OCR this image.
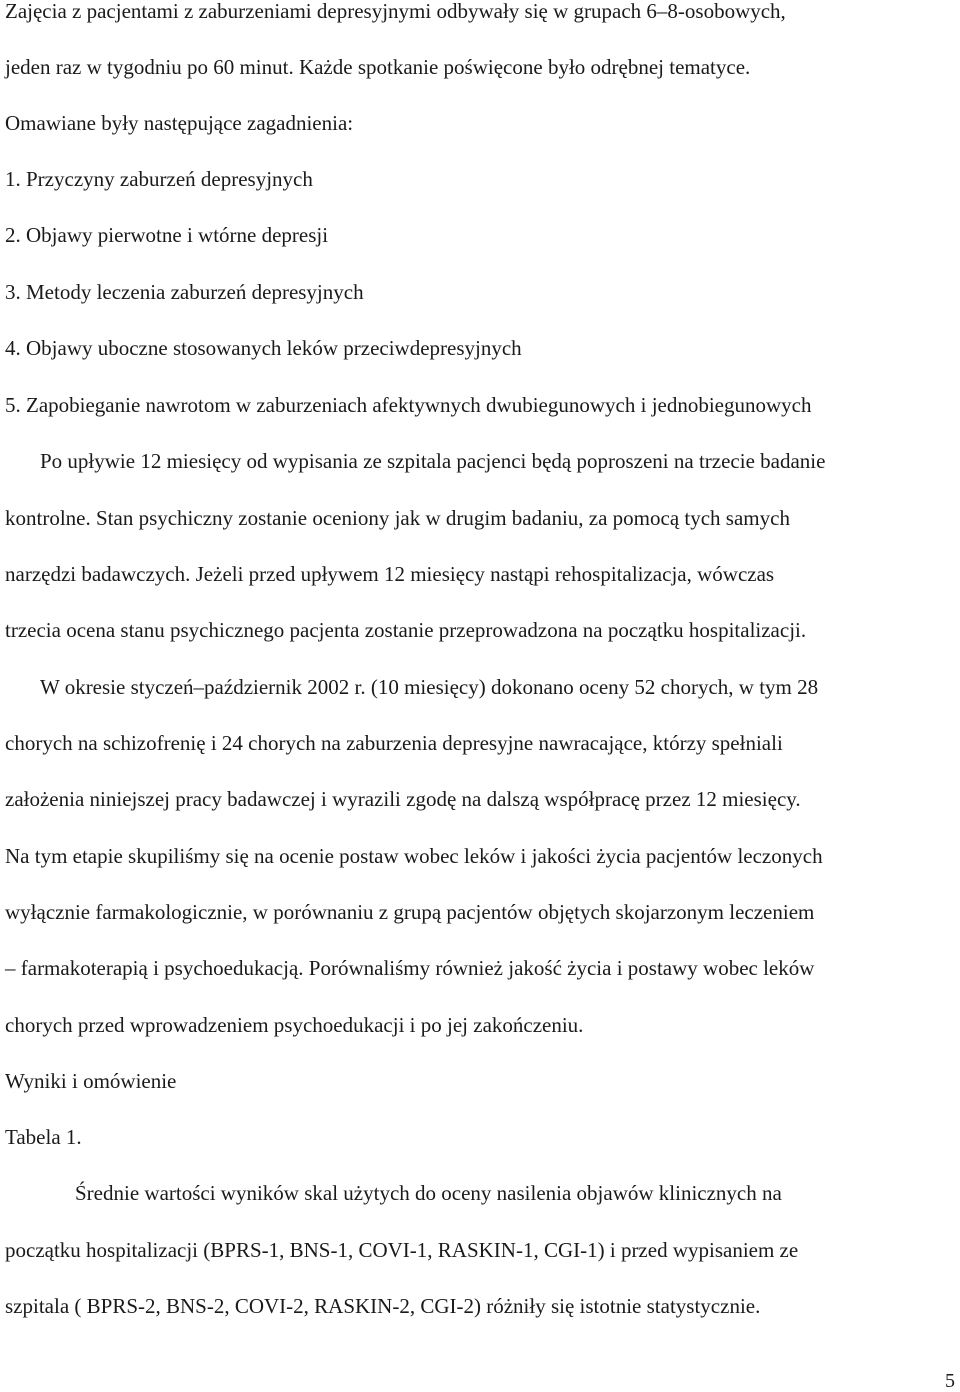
Zajęcia z pacjentami z zaburzeniami depresyjnymi odbywały się w grupach 6–8-osobowych,
jeden raz w tygodniu po 60 minut. Każde spotkanie poświęcone było odrębnej tematyce.
Omawiane były następujące zagadnienia:
1. Przyczyny zaburzeń depresyjnych
2. Objawy pierwotne i wtórne depresji
3. Metody leczenia zaburzeń depresyjnych
4. Objawy uboczne stosowanych leków przeciwdepresyjnych
5. Zapobieganie nawrotom w zaburzeniach afektywnych dwubiegunowych i jednobiegunowych
Po upływie 12 miesięcy od wypisania ze szpitala pacjenci będą poproszeni na trzecie badanie
kontrolne. Stan psychiczny zostanie oceniony jak w drugim badaniu, za pomocą tych samych
narzędzi badawczych. Jeżeli przed upływem 12 miesięcy nastąpi rehospitalizacja, wówczas
trzecia ocena stanu psychicznego pacjenta zostanie przeprowadzona na początku hospitalizacji.
W okresie styczeń–październik 2002 r. (10 miesięcy) dokonano oceny 52 chorych, w tym 28
chorych na schizofrenię i 24 chorych na zaburzenia depresyjne nawracające, którzy spełniali
założenia niniejszej pracy badawczej i wyrazili zgodę na dalszą współpracę przez 12 miesięcy.
Na tym etapie skupiliśmy się na ocenie postaw wobec leków i jakości życia pacjentów leczonych
wyłącznie farmakologicznie, w porównaniu z grupą pacjentów objętych skojarzonym leczeniem
– farmakoterapią i psychoedukacją. Porównaliśmy również jakość życia i postawy wobec leków
chorych przed wprowadzeniem psychoedukacji i po jej zakończeniu.
Wyniki i omówienie
Tabela 1.
Średnie wartości wyników skal użytych do oceny nasilenia objawów klinicznych na
początku hospitalizacji (BPRS-1, BNS-1, COVI-1, RASKIN-1, CGI-1) i przed wypisaniem ze
szpitala ( BPRS-2, BNS-2, COVI-2, RASKIN-2, CGI-2) różniły się istotnie statystycznie.
5
